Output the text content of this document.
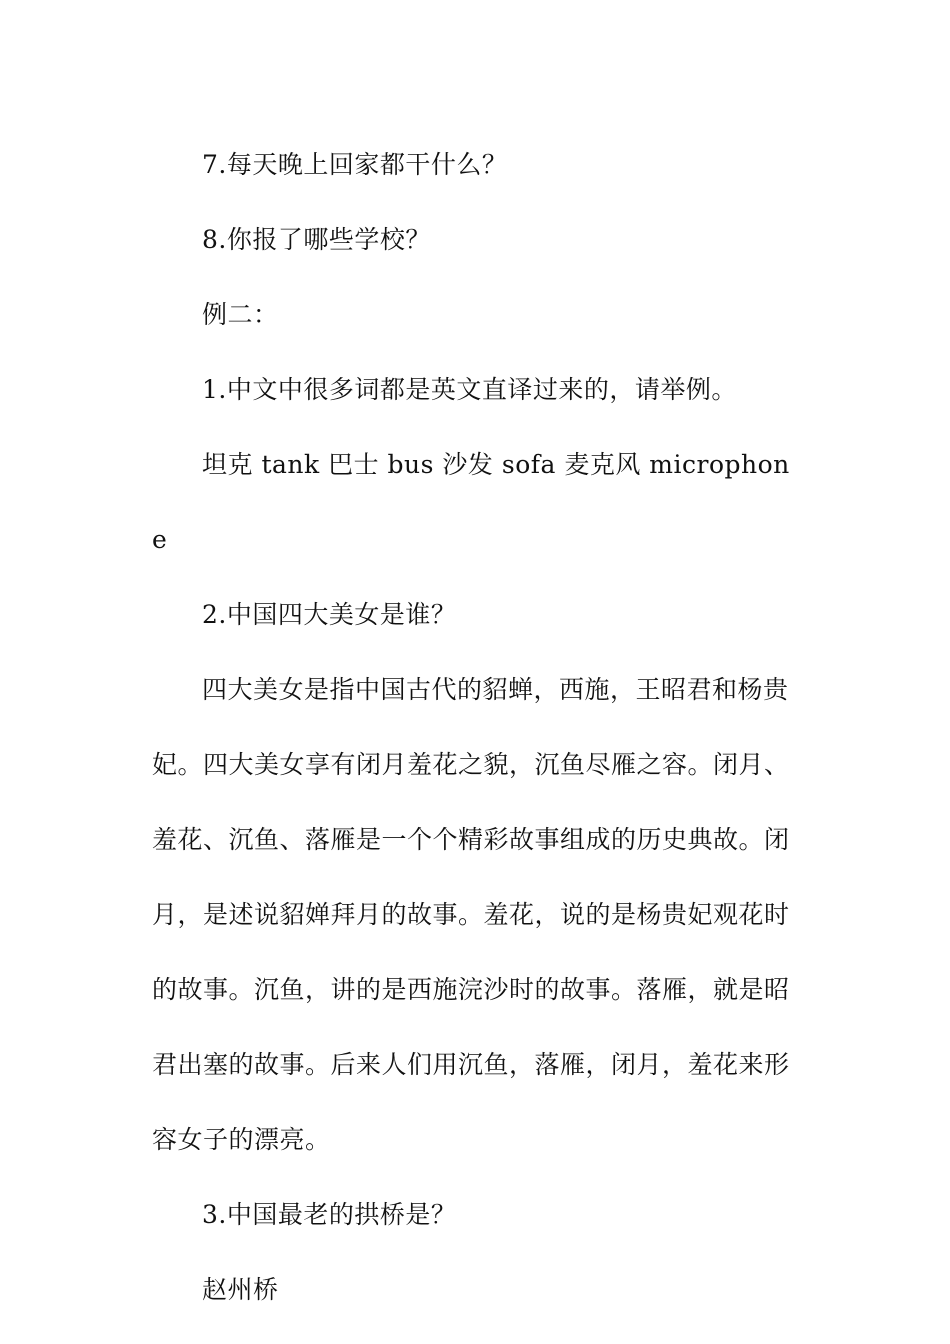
7.每天晚上回家都干什么？

8.你报了哪些学校？

例二：

1.中文中很多词都是英文直译过来的，请举例。

坦克 tank 巴士 bus 沙发 sofa 麦克风 microphone

2.中国四大美女是谁？

四大美女是指中国古代的貂蝉，西施，王昭君和杨贵妃。四大美女享有闭月羞花之貌，沉鱼尽雁之容。闭月、羞花、沉鱼、落雁是一个个精彩故事组成的历史典故。闭月，是述说貂婵拜月的故事。羞花，说的是杨贵妃观花时的故事。沉鱼，讲的是西施浣沙时的故事。落雁，就是昭君出塞的故事。后来人们用沉鱼，落雁，闭月，羞花来形容女子的漂亮。

3.中国最老的拱桥是？

赵州桥
